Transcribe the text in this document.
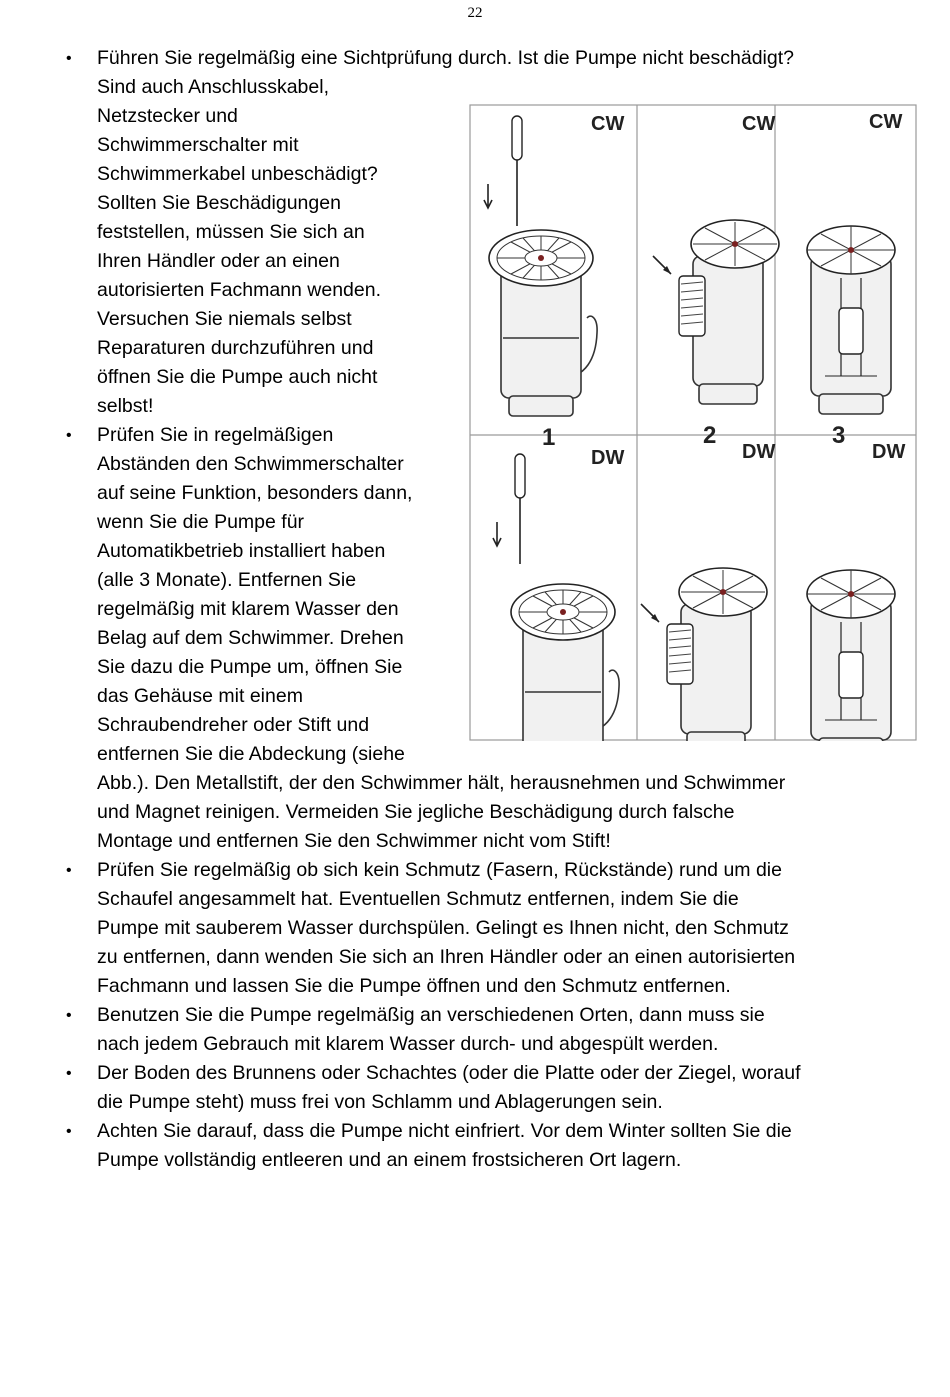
22
• Führen Sie regelmäßig eine Sichtprüfung durch. Ist die Pumpe nicht beschädigt?
Sind auch Anschlusskabel,
Netzstecker und
Schwimmerschalter mit
Schwimmerkabel unbeschädigt?
Sollten Sie Beschädigungen
feststellen, müssen Sie sich an
Ihren Händler oder an einen
autorisierten Fachmann wenden.
Versuchen Sie niemals selbst
Reparaturen durchzuführen und
öffnen Sie die Pumpe auch nicht
selbst!
• Prüfen Sie in regelmäßigen
Abständen den Schwimmerschalter
auf seine Funktion, besonders dann,
wenn Sie die Pumpe für
Automatikbetrieb installiert haben
(alle 3 Monate). Entfernen Sie
regelmäßig mit klarem Wasser den
Belag auf dem Schwimmer. Drehen
Sie dazu die Pumpe um, öffnen Sie
das Gehäuse mit einem
Schraubendreher oder Stift und
entfernen Sie die Abdeckung (siehe
Abb.). Den Metallstift, der den Schwimmer hält, herausnehmen und Schwimmer
und Magnet reinigen. Vermeiden Sie jegliche Beschädigung durch falsche
Montage und entfernen Sie den Schwimmer nicht vom Stift!
• Prüfen Sie regelmäßig ob sich kein Schmutz (Fasern, Rückstände) rund um die
Schaufel angesammelt hat. Eventuellen Schmutz entfernen, indem Sie die
Pumpe mit sauberem Wasser durchspülen. Gelingt es Ihnen nicht, den Schmutz
zu entfernen, dann wenden Sie sich an Ihren Händler oder an einen autorisierten
Fachmann und lassen Sie die Pumpe öffnen und den Schmutz entfernen.
• Benutzen Sie die Pumpe regelmäßig an verschiedenen Orten, dann muss sie
nach jedem Gebrauch mit klarem Wasser durch- und abgespült werden.
• Der Boden des Brunnens oder Schachtes (oder die Platte oder der Ziegel, worauf
die Pumpe steht) muss frei von Schlamm und Ablagerungen sein.
• Achten Sie darauf, dass die Pumpe nicht einfriert. Vor dem Winter sollten Sie die
Pumpe vollständig entleeren und an einem frostsicheren Ort lagern.
CW	CW	CW
DW	DW	DW
1	2	3
